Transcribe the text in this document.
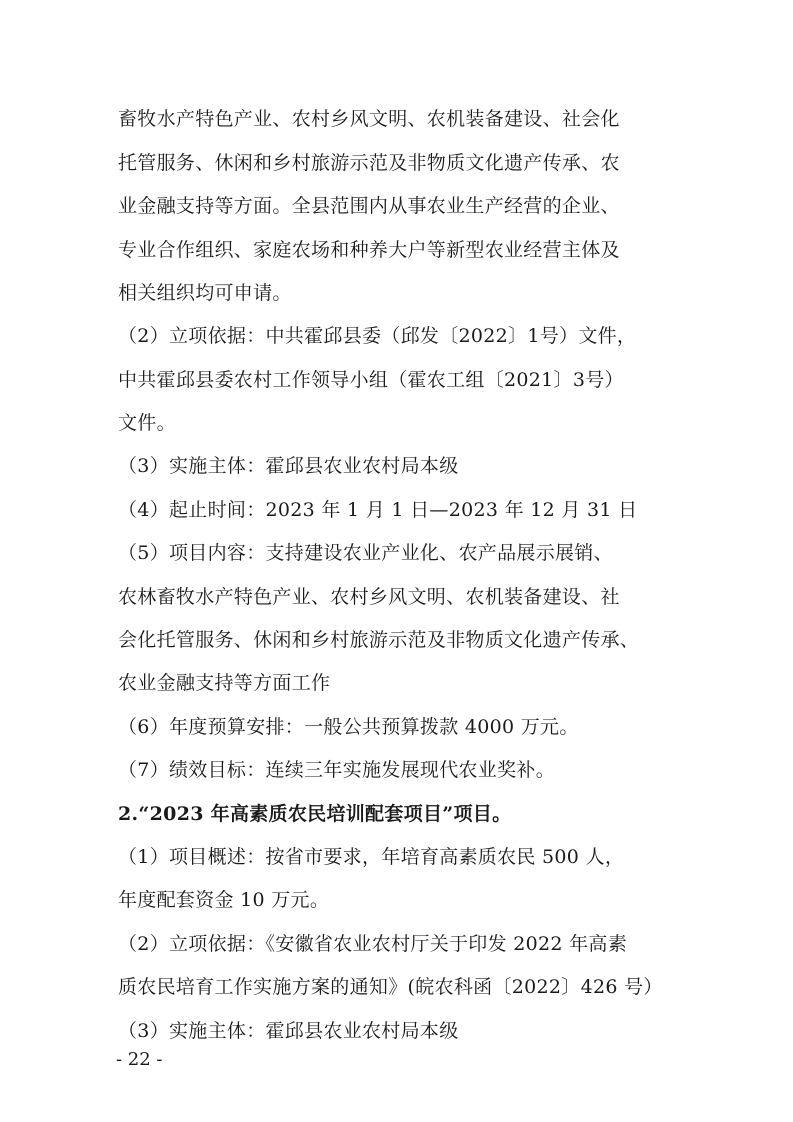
畜牧水产特色产业、农村乡风文明、农机装备建设、社会化
托管服务、休闲和乡村旅游示范及非物质文化遗产传承、农
业金融支持等方面。全县范围内从事农业生产经营的企业、
专业合作组织、家庭农场和种养大户等新型农业经营主体及
相关组织均可申请。
（2）立项依据：中共霍邱县委（邱发〔2022〕1号）文件，
中共霍邱县委农村工作领导小组（霍农工组〔2021〕3号）
文件。
（3）实施主体：霍邱县农业农村局本级
（4）起止时间：2023 年 1 月 1 日—2023 年 12 月 31 日
（5）项目内容：支持建设农业产业化、农产品展示展销、
农林畜牧水产特色产业、农村乡风文明、农机装备建设、社
会化托管服务、休闲和乡村旅游示范及非物质文化遗产传承、
农业金融支持等方面工作
（6）年度预算安排：一般公共预算拨款 4000 万元。
（7）绩效目标：连续三年实施发展现代农业奖补。
2.“2023 年高素质农民培训配套项目”项目。
（1）项目概述：按省市要求，年培育高素质农民 500 人，
年度配套资金 10 万元。
（2）立项依据：《安徽省农业农村厅关于印发 2022 年高素
质农民培育工作实施方案的通知》(皖农科函〔2022〕426 号）
（3）实施主体：霍邱县农业农村局本级
- 22 -
